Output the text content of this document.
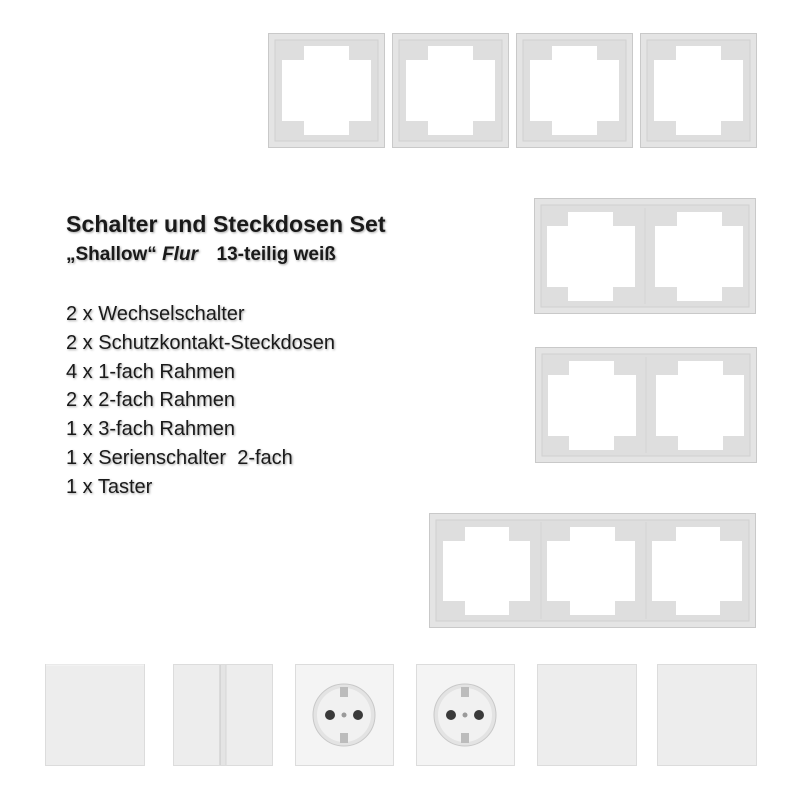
Schalter und Steckdosen Set
„Shallow“ Flur 13-teilig weiß
2 x Wechselschalter
2 x Schutzkontakt-Steckdosen
4 x 1-fach Rahmen
2 x 2-fach Rahmen
1 x 3-fach Rahmen
1 x Serienschalter  2-fach
1 x Taster
